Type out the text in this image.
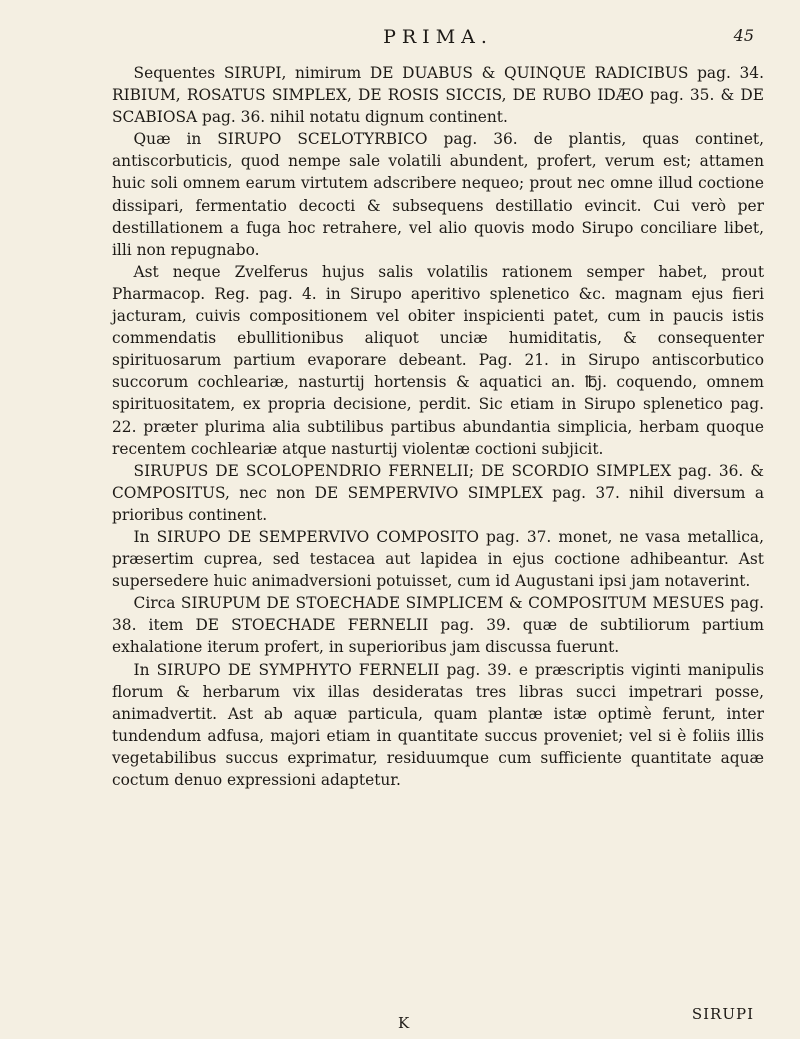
PRIMA.	45

Sequentes SIRUPI, nimirum DE DUABUS & QUINQUE RADICIBUS pag. 34. RIBIUM, ROSATUS SIMPLEX, DE ROSIS SICCIS, DE RUBO IDÆO pag. 35. & DE SCABIOSA pag. 36. nihil notatu dignum continent.

Quæ in SIRUPO SCELOTYRBICO pag. 36. de plantis, quas continet, antiscorbuticis, quod nempe sale volatili abundent, profert, verum est; attamen huic soli omnem earum virtutem adscribere nequeo; prout nec omne illud coctione dissipari, fermentatio decocti & subsequens destillatio evincit. Cui verò per destillationem a fuga hoc retrahere, vel alio quovis modo Sirupo conciliare libet, illi non repugnabo.

Ast neque Zvelferus hujus salis volatilis rationem semper habet, prout Pharmacop. Reg. pag. 4. in Sirupo aperitivo splenetico &c. magnam ejus fieri jacturam, cuivis compositionem vel obiter inspicienti patet, cum in paucis istis commendatis ebullitionibus aliquot unciæ humiditatis, & consequenter spirituosarum partium evaporare debeant. Pag. 21. in Sirupo antiscorbutico succorum cochleariæ, nasturtij hortensis & aquatici an. ℔j. coquendo, omnem spirituositatem, ex propria decisione, perdit. Sic etiam in Sirupo splenetico pag. 22. præter plurima alia subtilibus partibus abundantia simplicia, herbam quoque recentem cochleariæ atque nasturtij violentæ coctioni subjicit.

SIRUPUS DE SCOLOPENDRIO FERNELII; DE SCORDIO SIMPLEX pag. 36. & COMPOSITUS, nec non DE SEMPERVIVO SIMPLEX pag. 37. nihil diversum a prioribus continent.

In SIRUPO DE SEMPERVIVO COMPOSITO pag. 37. monet, ne vasa metallica, præsertim cuprea, sed testacea aut lapidea in ejus coctione adhibeantur. Ast supersedere huic animadversioni potuisset, cum id Augustani ipsi jam notaverint.

Circa SIRUPUM DE STOECHADE SIMPLICEM & COMPOSITUM MESUES pag. 38. item DE STOECHADE FERNELII pag. 39. quæ de subtiliorum partium exhalatione iterum profert, in superioribus jam discussa fuerunt.

In SIRUPO DE SYMPHYTO FERNELII pag. 39. e præscriptis viginti manipulis florum & herbarum vix illas desideratas tres libras succi impetrari posse, animadvertit. Ast ab aquæ particula, quam plantæ istæ optimè ferunt, inter tundendum adfusa, majori etiam in quantitate succus proveniet; vel si è foliis illis vegetabilibus succus exprimatur, residuumque cum sufficiente quantitate aquæ coctum denuo expressioni adaptetur.

K	SIRUPI
